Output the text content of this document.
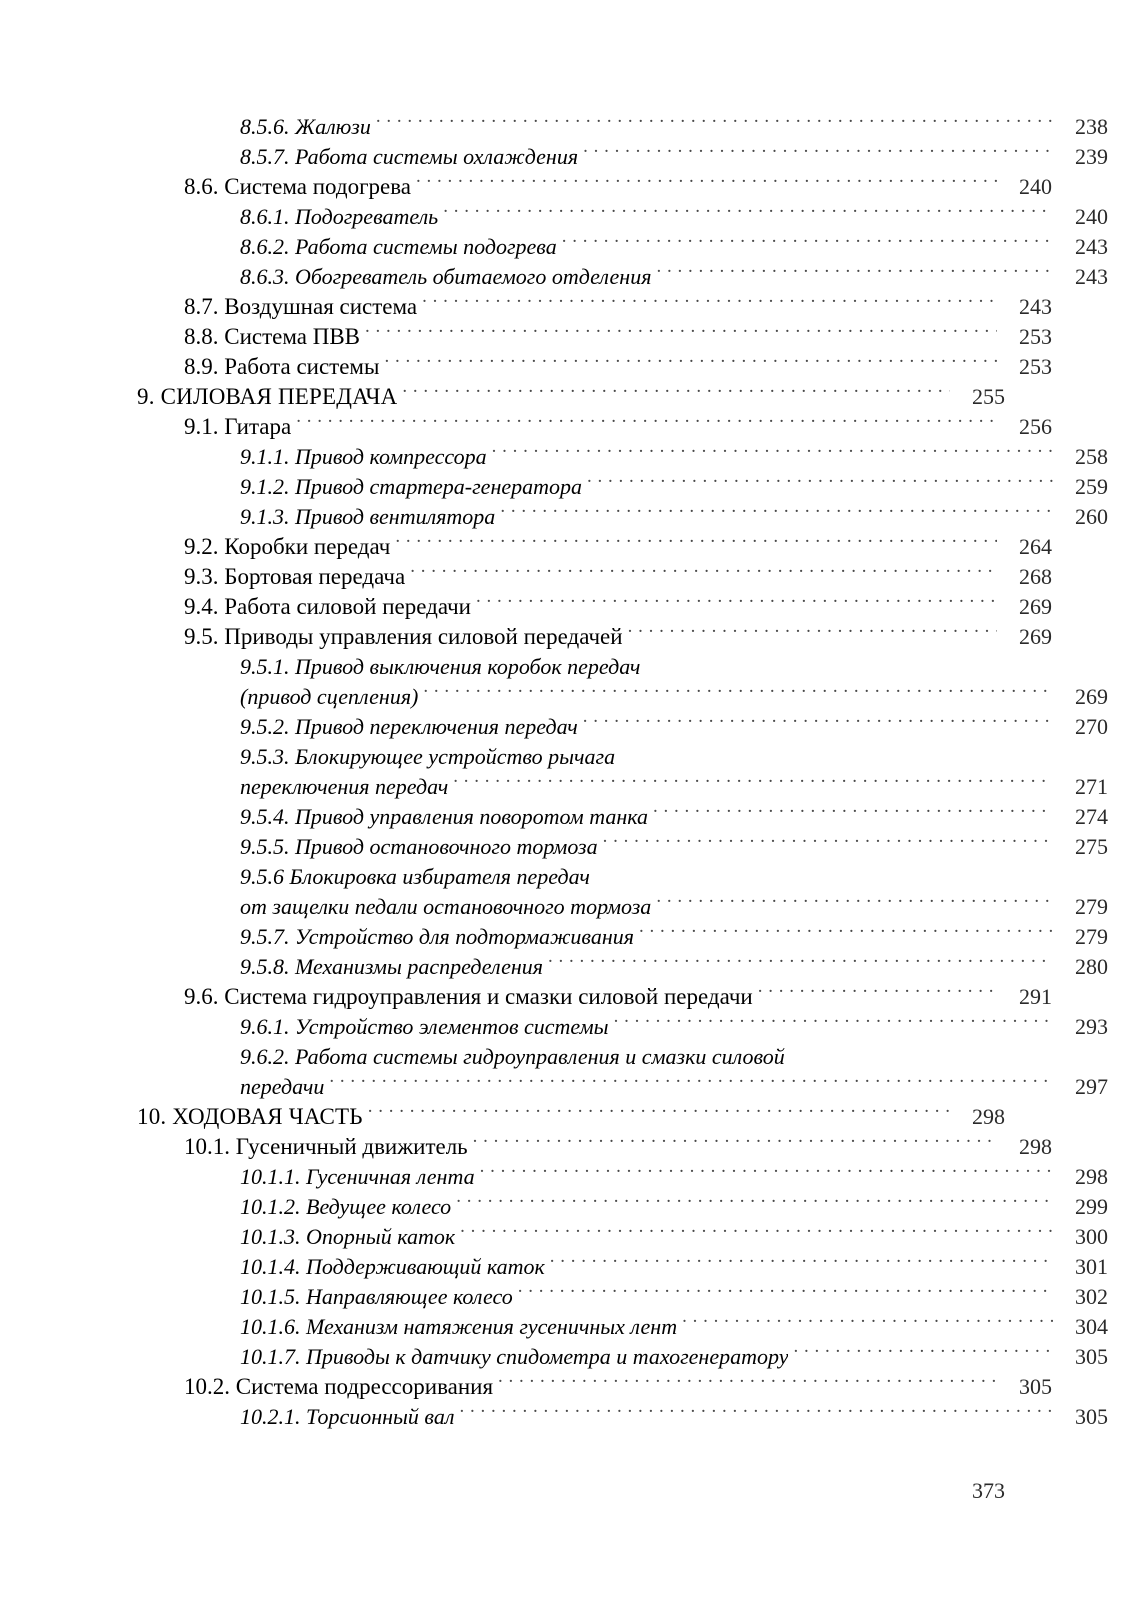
8.5.6. Жалюзи . . .	238
8.5.7. Работа системы охлаждения . . .	239
8.6. Система подогрева . . .	240
8.6.1. Подогреватель . . .	240
8.6.2. Работа системы подогрева . . .	243
8.6.3. Обогреватель обитаемого отделения . . .	243
8.7. Воздушная система . . .	243
8.8. Система ПВВ . . .	253
8.9. Работа системы . . .	253
9. СИЛОВАЯ ПЕРЕДАЧА . . .	255
9.1. Гитара . . .	256
9.1.1. Привод компрессора . . .	258
9.1.2. Привод стартера-генератора . . .	259
9.1.3. Привод вентилятора . . .	260
9.2. Коробки передач . . .	264
9.3. Бортовая передача . . .	268
9.4. Работа силовой передачи . . .	269
9.5. Приводы управления силовой передачей . . .	269
9.5.1. Привод выключения коробок передач
(привод сцепления) . . .	269
9.5.2. Привод переключения передач . . .	270
9.5.3. Блокирующее устройство рычага
переключения передач . . .	271
9.5.4. Привод управления поворотом танка . . .	274
9.5.5. Привод остановочного тормоза . . .	275
9.5.6 Блокировка избирателя передач
от защелки педали остановочного тормоза . . .	279
9.5.7. Устройство для подтормаживания . . .	279
9.5.8. Механизмы распределения . . .	280
9.6. Система гидроуправления и смазки силовой передачи . . .	291
9.6.1. Устройство элементов системы . . .	293
9.6.2. Работа системы гидроуправления и смазки силовой
передачи . . .	297
10. ХОДОВАЯ ЧАСТЬ . . .	298
10.1. Гусеничный движитель . . .	298
10.1.1. Гусеничная лента . . .	298
10.1.2. Ведущее колесо . . .	299
10.1.3. Опорный каток . . .	300
10.1.4. Поддерживающий каток . . .	301
10.1.5. Направляющее колесо . . .	302
10.1.6. Механизм натяжения гусеничных лент . . .	304
10.1.7. Приводы к датчику спидометра и тахогенератору . . .	305
10.2. Система подрессоривания . . .	305
10.2.1. Торсионный вал . . .	305
373
